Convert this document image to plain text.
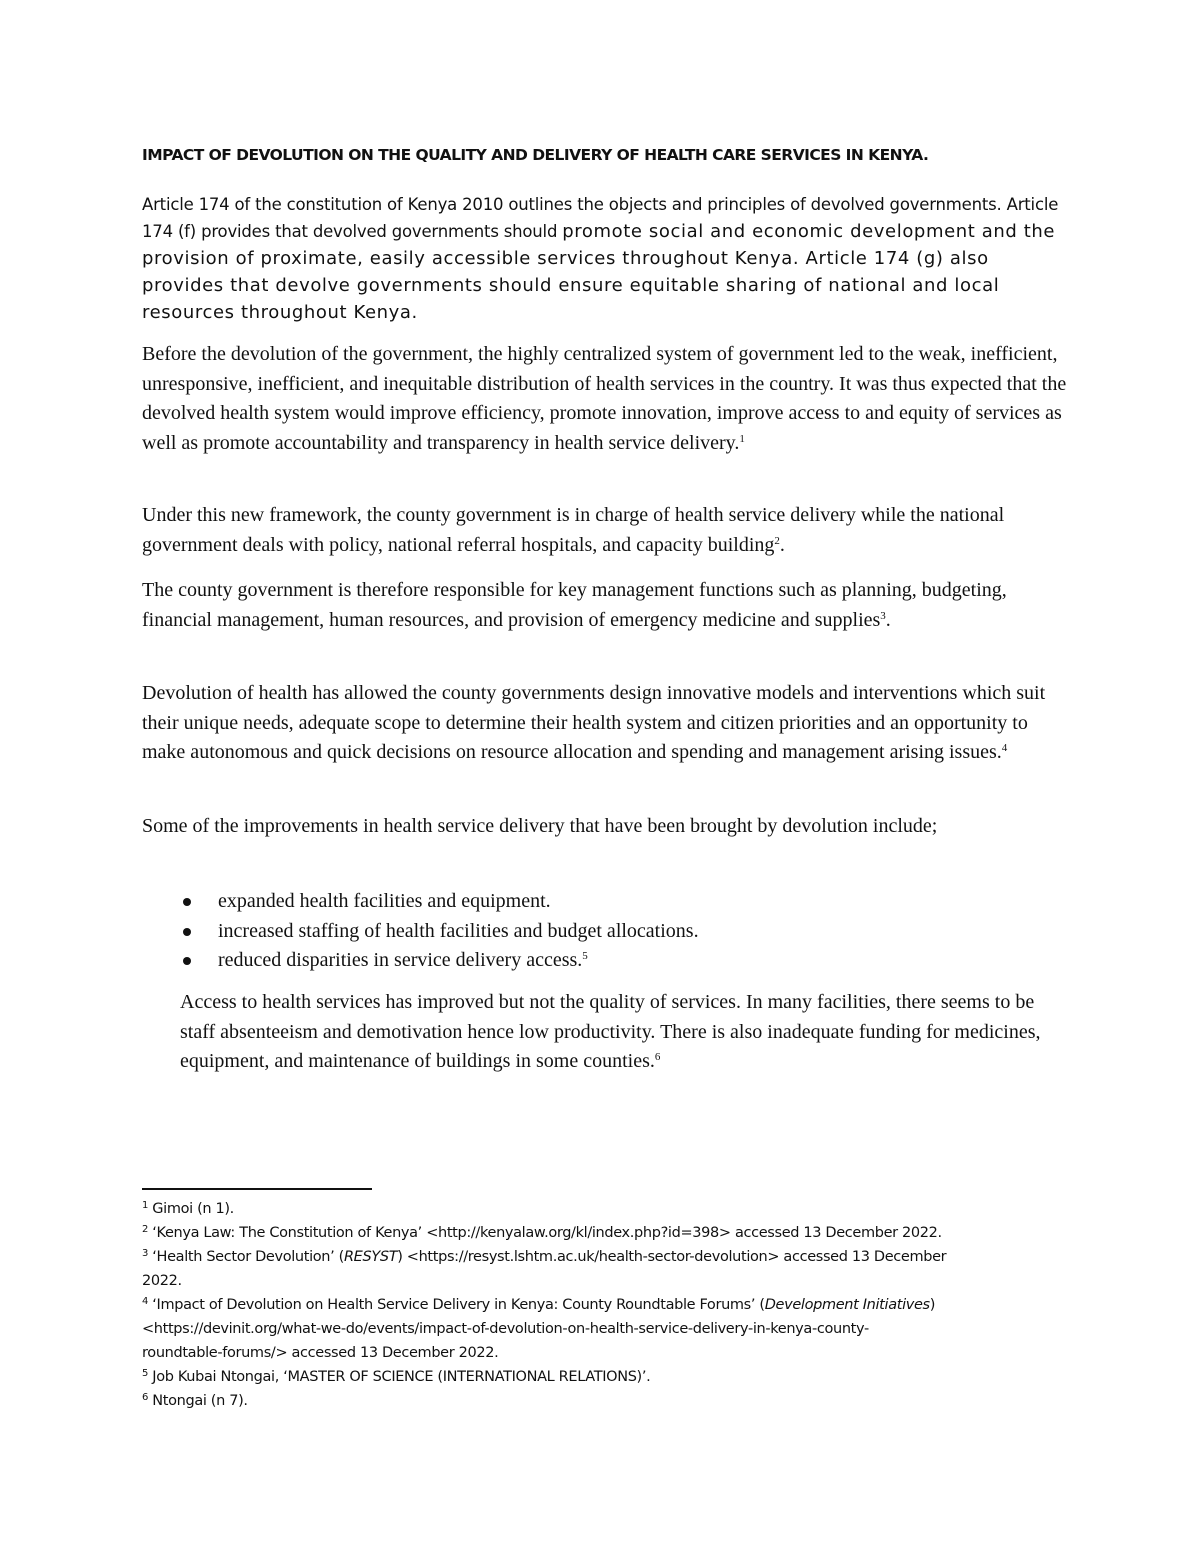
IMPACT OF DEVOLUTION ON THE QUALITY AND DELIVERY OF HEALTH CARE SERVICES IN KENYA.

Article 174 of the constitution of Kenya 2010 outlines the objects and principles of devolved governments. Article 174 (f) provides that devolved governments should promote social and economic development and the provision of proximate, easily accessible services throughout Kenya. Article 174 (g) also provides that devolve governments should ensure equitable sharing of national and local resources throughout Kenya.

Before the devolution of the government, the highly centralized system of government led to the weak, inefficient, unresponsive, inefficient, and inequitable distribution of health services in the country. It was thus expected that the devolved health system would improve efficiency, promote innovation, improve access to and equity of services as well as promote accountability and transparency in health service delivery.$^1$

Under this new framework, the county government is in charge of health service delivery while the national government deals with policy, national referral hospitals, and capacity building$^2$.

The county government is therefore responsible for key management functions such as planning, budgeting, financial management, human resources, and provision of emergency medicine and supplies$^3$.

Devolution of health has allowed the county governments design innovative models and interventions which suit their unique needs, adequate scope to determine their health system and citizen priorities and an opportunity to make autonomous and quick decisions on resource allocation and spending and management arising issues.$^4$

Some of the improvements in health service delivery that have been brought by devolution include;

expanded health facilities and equipment.
increased staffing of health facilities and budget allocations.
reduced disparities in service delivery access.$^5$

Access to health services has improved but not the quality of services. In many facilities, there seems to be staff absenteeism and demotivation hence low productivity. There is also inadequate funding for medicines, equipment, and maintenance of buildings in some counties.$^6$

$^1$ Gimoi (n 1).
$^2$ ‘Kenya Law: The Constitution of Kenya’ <http://kenyalaw.org/kl/index.php?id=398> accessed 13 December 2022.
$^3$ ‘Health Sector Devolution’ (RESYST) <https://resyst.lshtm.ac.uk/health-sector-devolution> accessed 13 December
2022.
$^4$ ‘Impact of Devolution on Health Service Delivery in Kenya: County Roundtable Forums’ (Development Initiatives)
<https://devinit.org/what-we-do/events/impact-of-devolution-on-health-service-delivery-in-kenya-county-
roundtable-forums/> accessed 13 December 2022.
$^5$ Job Kubai Ntongai, ‘MASTER OF SCIENCE (INTERNATIONAL RELATIONS)’.
$^6$ Ntongai (n 7).
